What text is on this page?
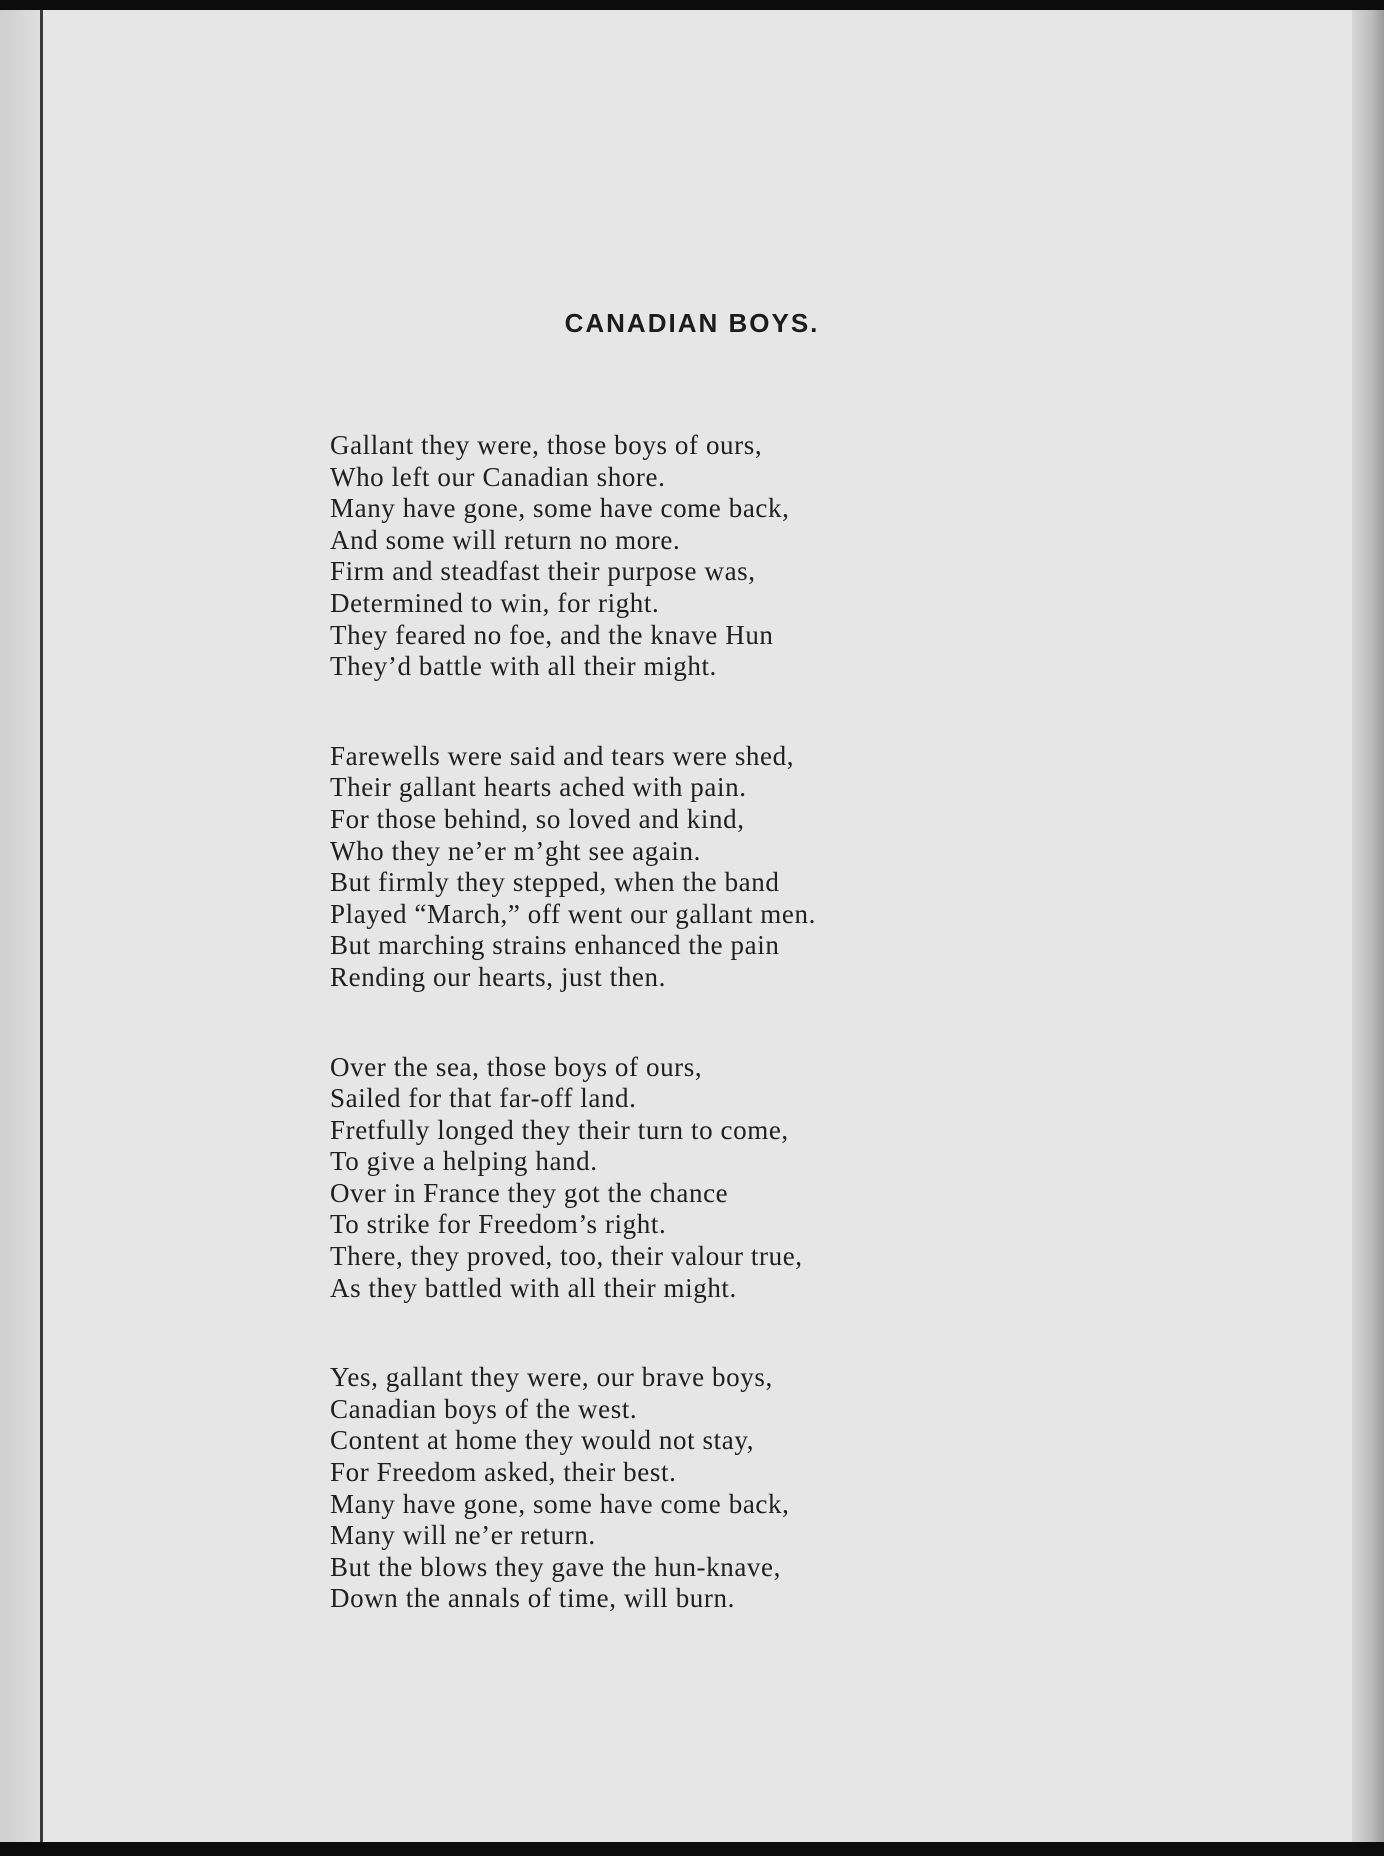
CANADIAN BOYS.
Gallant they were, those boys of ours,
Who left our Canadian shore.
Many have gone, some have come back,
And some will return no more.
Firm and steadfast their purpose was,
Determined to win, for right.
They feared no foe, and the knave Hun
They’d battle with all their might.
Farewells were said and tears were shed,
Their gallant hearts ached with pain.
For those behind, so loved and kind,
Who they ne’er m’ght see again.
But firmly they stepped, when the band
Played “March,” off went our gallant men.
But marching strains enhanced the pain
Rending our hearts, just then.
Over the sea, those boys of ours,
Sailed for that far-off land.
Fretfully longed they their turn to come,
To give a helping hand.
Over in France they got the chance
To strike for Freedom’s right.
There, they proved, too, their valour true,
As they battled with all their might.
Yes, gallant they were, our brave boys,
Canadian boys of the west.
Content at home they would not stay,
For Freedom asked, their best.
Many have gone, some have come back,
Many will ne’er return.
But the blows they gave the hun-knave,
Down the annals of time, will burn.
